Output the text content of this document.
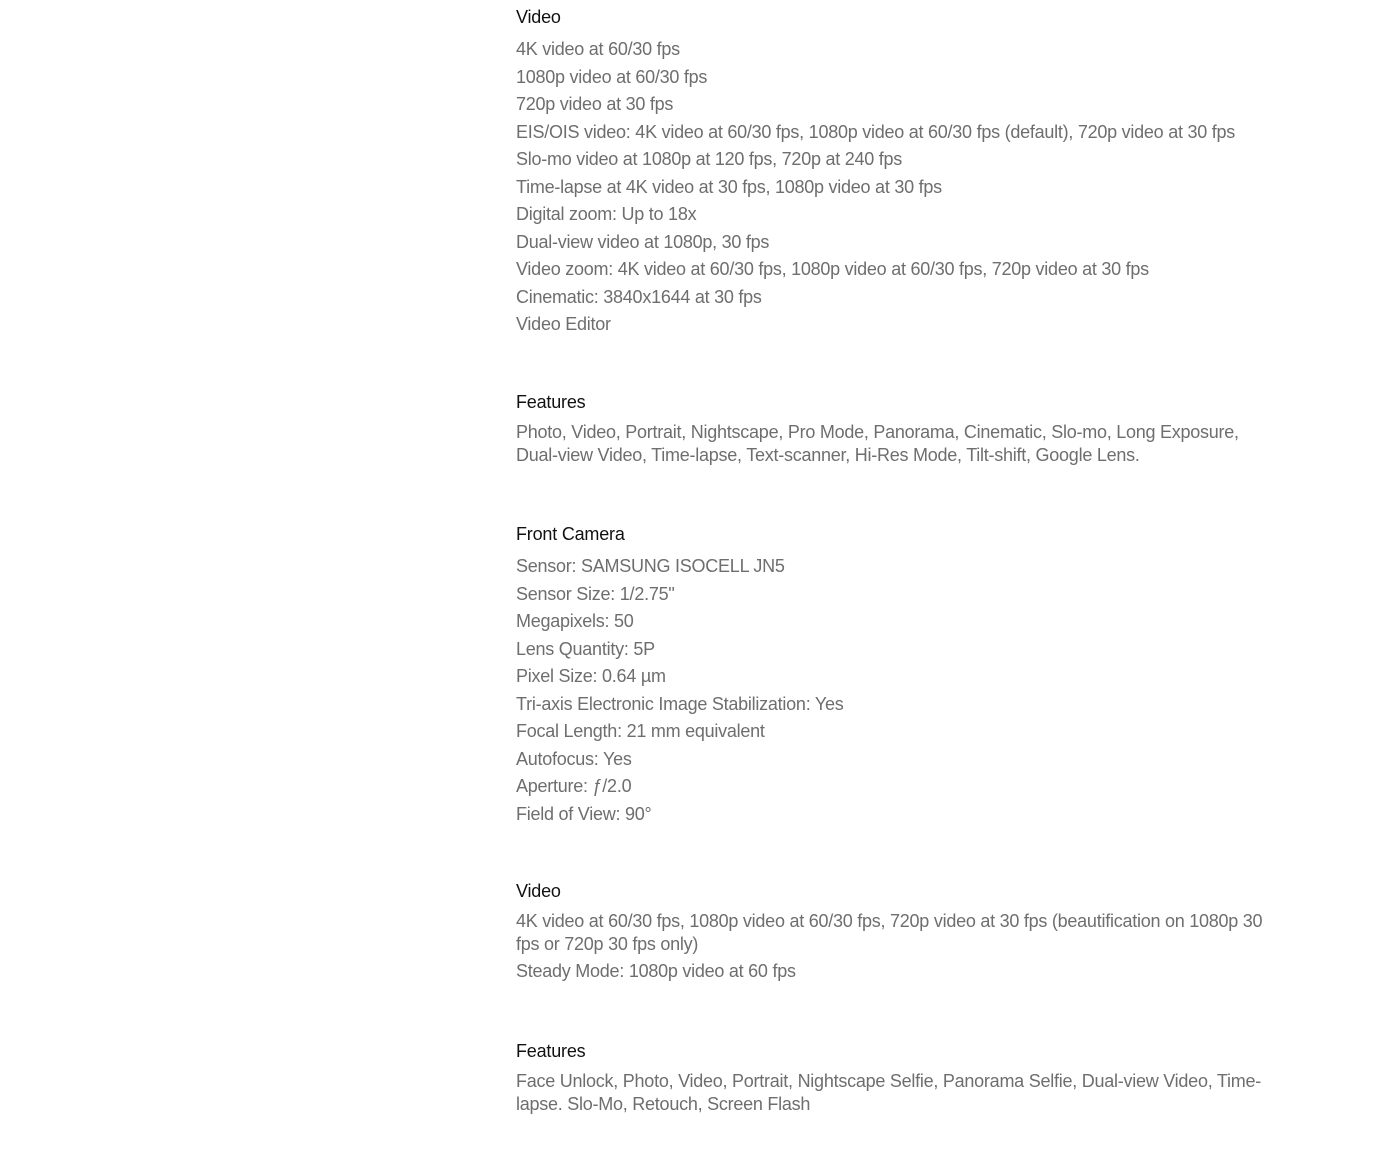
Video

4K video at 60/30 fps

1080p video at 60/30 fps

720p video at 30 fps

EIS/OIS video: 4K video at 60/30 fps, 1080p video at 60/30 fps (default), 720p video at 30 fps

Slo-mo video at 1080p at 120 fps, 720p at 240 fps

Time-lapse at 4K video at 30 fps, 1080p video at 30 fps

Digital zoom: Up to 18x

Dual-view video at 1080p, 30 fps

Video zoom: 4K video at 60/30 fps, 1080p video at 60/30 fps, 720p video at 30 fps

Cinematic: 3840x1644 at 30 fps

Video Editor

Features

Photo, Video, Portrait, Nightscape, Pro Mode, Panorama, Cinematic, Slo-mo, Long Exposure, Dual-view Video, Time-lapse, Text-scanner, Hi-Res Mode, Tilt-shift, Google Lens.

Front Camera

Sensor: SAMSUNG ISOCELL JN5

Sensor Size: 1/2.75"

Megapixels: 50

Lens Quantity: 5P

Pixel Size: 0.64 µm

Tri-axis Electronic Image Stabilization: Yes

Focal Length: 21 mm equivalent

Autofocus: Yes

Aperture: ƒ/2.0

Field of View: 90°

Video

4K video at 60/30 fps, 1080p video at 60/30 fps, 720p video at 30 fps (beautification on 1080p 30 fps or 720p 30 fps only)

Steady Mode: 1080p video at 60 fps

Features

Face Unlock, Photo, Video, Portrait, Nightscape Selfie, Panorama Selfie, Dual-view Video, Time-lapse. Slo-Mo, Retouch, Screen Flash
